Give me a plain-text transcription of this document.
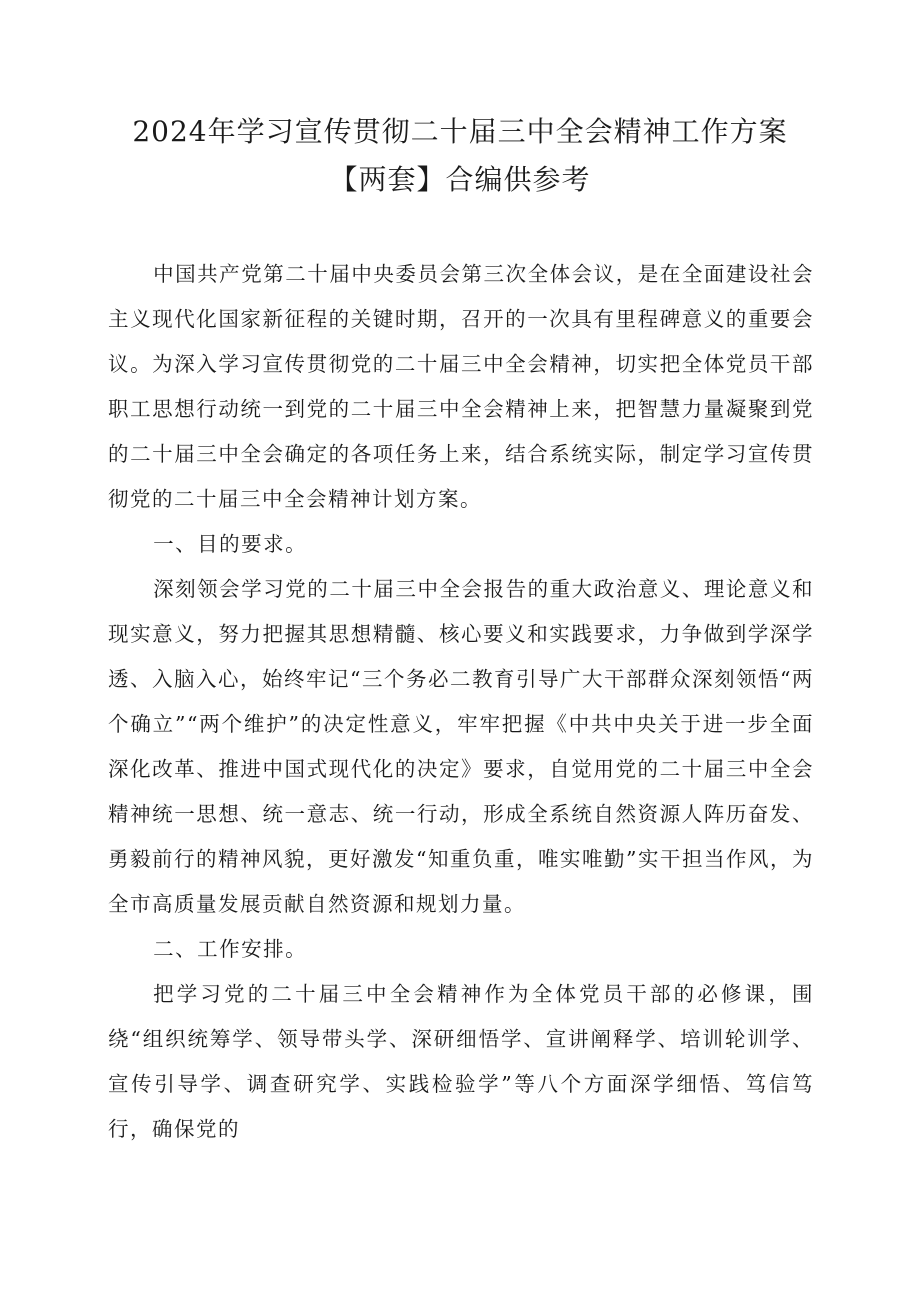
2024年学习宣传贯彻二十届三中全会精神工作方案
【两套】合编供参考

中国共产党第二十届中央委员会第三次全体会议，是在全面建设社会主义现代化国家新征程的关键时期，召开的一次具有里程碑意义的重要会议。为深入学习宣传贯彻党的二十届三中全会精神，切实把全体党员干部职工思想行动统一到党的二十届三中全会精神上来，把智慧力量凝聚到党的二十届三中全会确定的各项任务上来，结合系统实际，制定学习宣传贯彻党的二十届三中全会精神计划方案。

一、目的要求。

深刻领会学习党的二十届三中全会报告的重大政治意义、理论意义和现实意义，努力把握其思想精髓、核心要义和实践要求，力争做到学深学透、入脑入心，始终牢记“三个务必二教育引导广大干部群众深刻领悟“两个确立”“两个维护”的决定性意义，牢牢把握《中共中央关于进一步全面深化改革、推进中国式现代化的决定》要求，自觉用党的二十届三中全会精神统一思想、统一意志、统一行动，形成全系统自然资源人阵历奋发、勇毅前行的精神风貌，更好激发“知重负重，唯实唯勤”实干担当作风，为全市高质量发展贡献自然资源和规划力量。

二、工作安排。

把学习党的二十届三中全会精神作为全体党员干部的必修课，围绕“组织统筹学、领导带头学、深研细悟学、宣讲阐释学、培训轮训学、宣传引导学、调查研究学、实践检验学”等八个方面深学细悟、笃信笃行，确保党的
